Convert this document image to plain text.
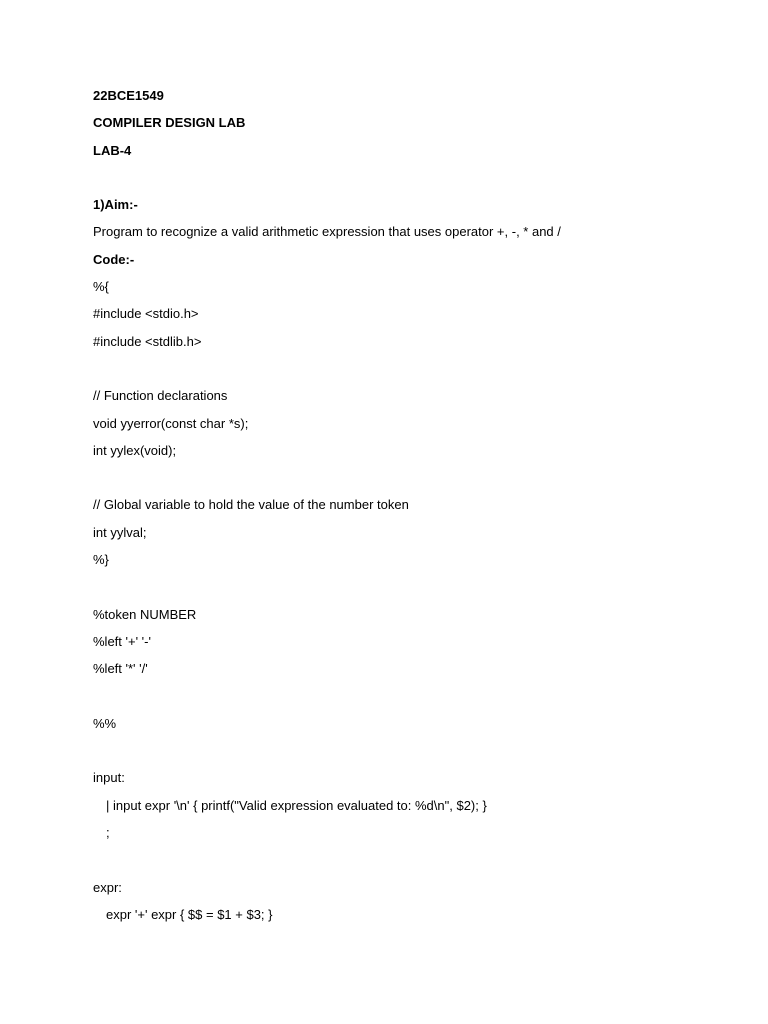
22BCE1549
COMPILER DESIGN LAB
LAB-4
1)Aim:-
Program to recognize a valid arithmetic expression that uses operator +, -, * and /
Code:-
%{
#include <stdio.h>
#include <stdlib.h>
// Function declarations
void yyerror(const char *s);
int yylex(void);
// Global variable to hold the value of the number token
int yylval;
%}
%token NUMBER
%left '+' '-'
%left '*' '/'
%%
input:
| input expr '\n' { printf("Valid expression evaluated to: %d\n", $2); }
;
expr:
expr '+' expr { $$ = $1 + $3; }
